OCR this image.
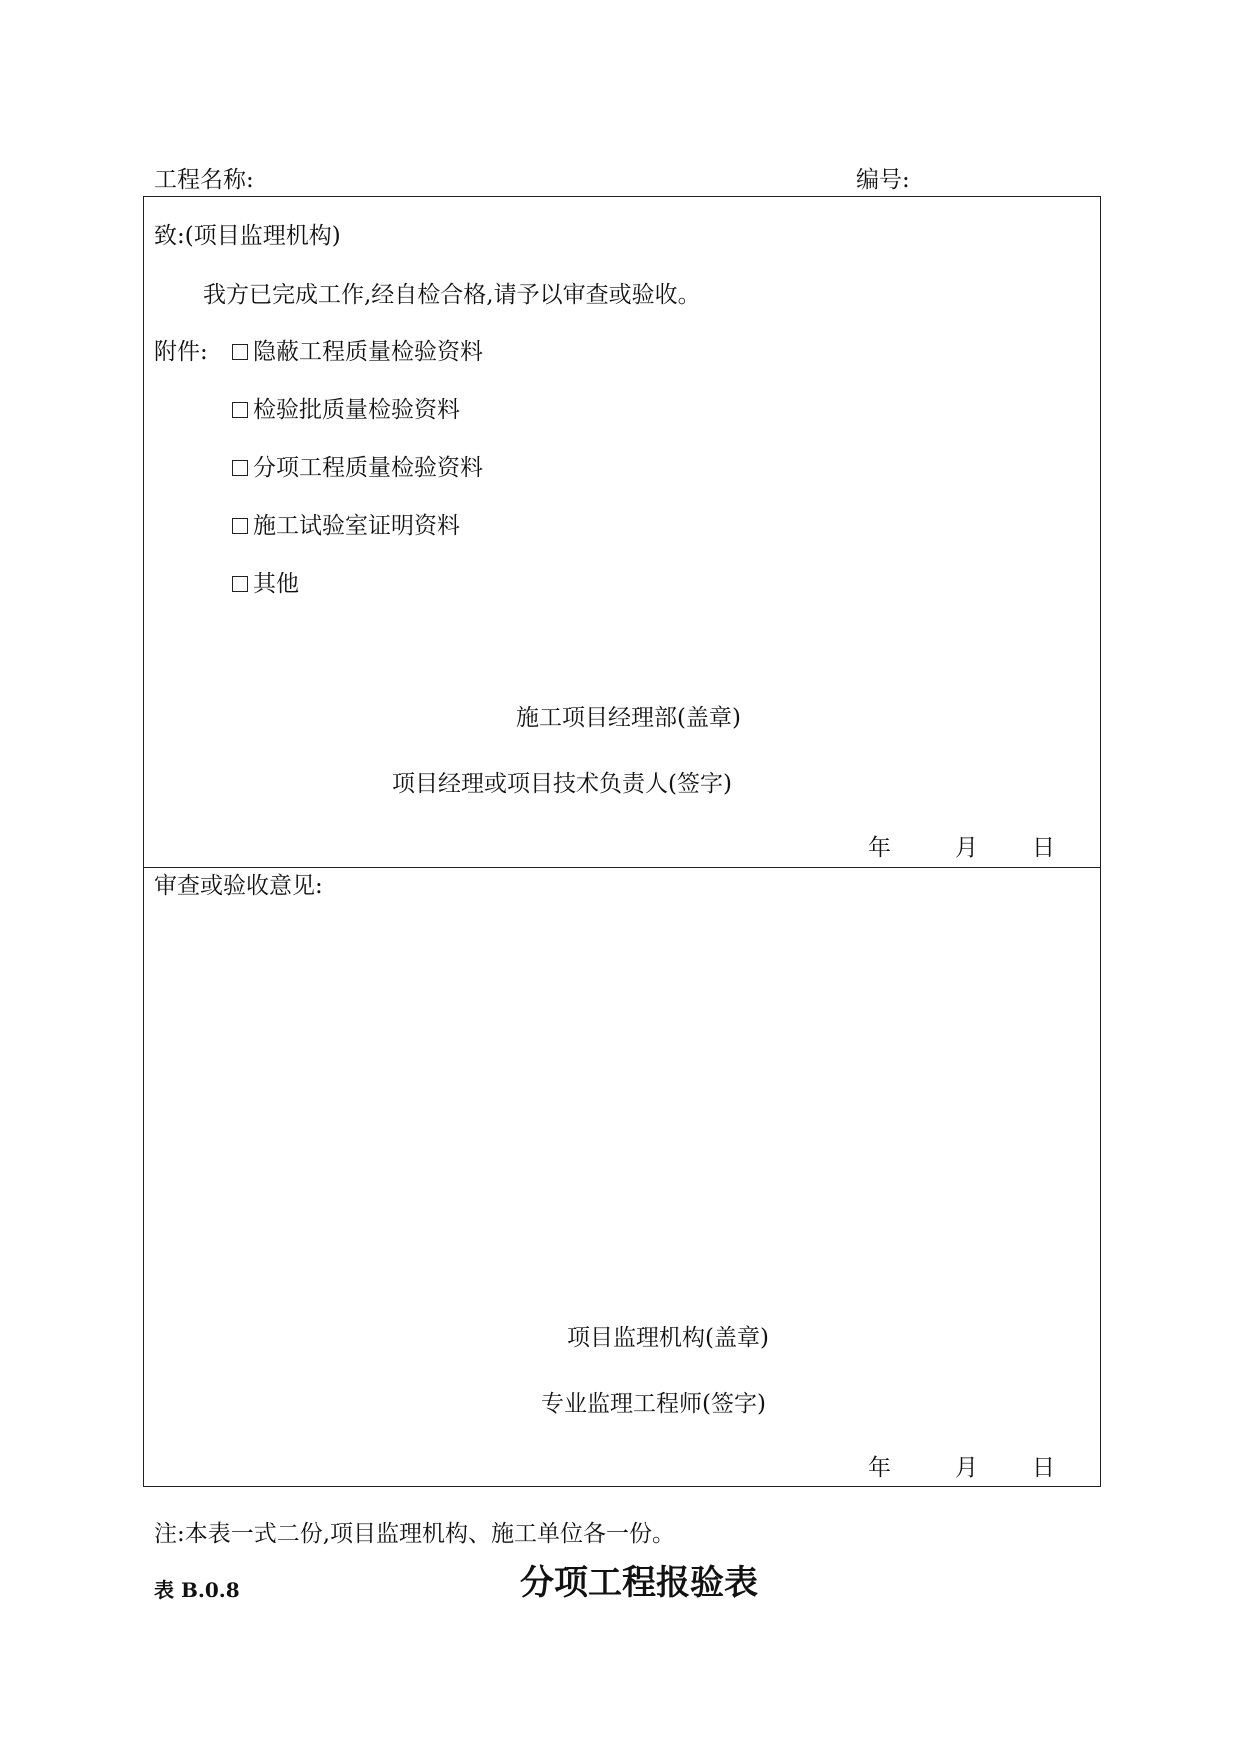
工程名称:	编号:
致:(项目监理机构)
我方已完成工作,经自检合格,请予以审查或验收。
附件:	隐蔽工程质量检验资料
检验批质量检验资料
分项工程质量检验资料
施工试验室证明资料
其他
施工项目经理部(盖章)
项目经理或项目技术负责人(签字)
年	月 日
审查或验收意见:
项目监理机构(盖章)
专业监理工程师(签字)
年	月 日
注:本表一式二份,项目监理机构、施工单位各一份。
表 B.0.8	分项工程报验表
